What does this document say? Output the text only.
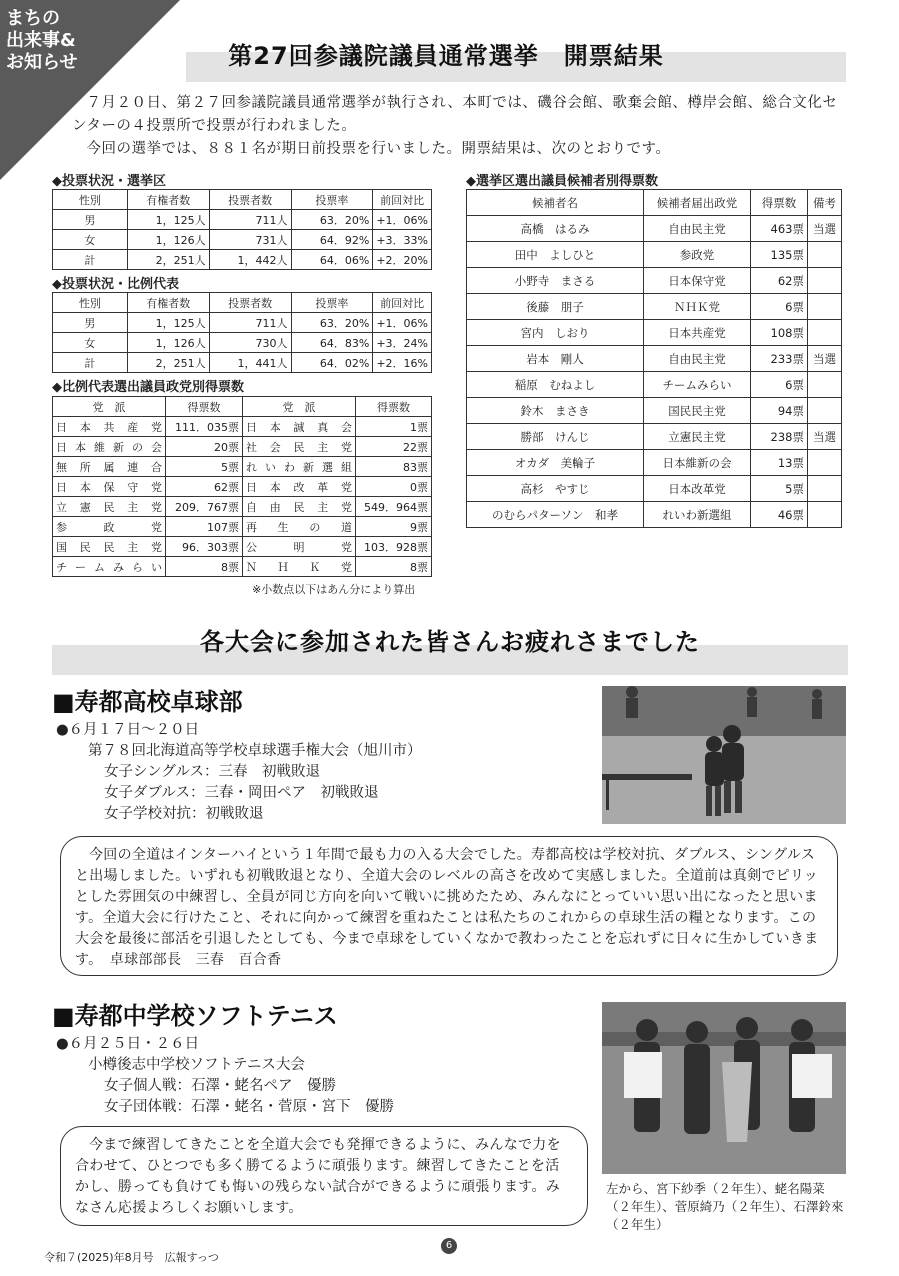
まちの
出来事&
お知らせ	第27回参議院議員通常選挙　開票結果

７月２０日、第２７回参議院議員通常選挙が執行され、本町では、磯谷会館、歌棄会館、樽岸会館、総合文化センターの４投票所で投票が行われました。

今回の選挙では、８８１名が期日前投票を行いました。開票結果は、次のとおりです。

◆投票状況・選挙区
性別	有権者数	投票者数	投票率	前回対比
男	1，125人	711人	63．20%	+1．06%
女	1，126人	731人	64．92%	+3．33%
計	2，251人	1，442人	64．06%	+2．20%
◆投票状況・比例代表
性別	有権者数	投票者数	投票率	前回対比
男	1，125人	711人	63．20%	+1．06%
女	1，126人	730人	64．83%	+3．24%
計	2，251人	1，441人	64．02%	+2．16%
◆比例代表選出議員政党別得票数
党　派	得票数	党　派	得票数
日本共産党	111．035票	日本誠真会	1票
日本維新の会	20票	社会民主党	22票
無所属連合	5票	れいわ新選組	83票
日本保守党	62票	日本改革党	0票
立憲民主党	209．767票	自由民主党	549．964票
参政党	107票	再生の道	9票
国民民主党	96．303票	公明党	103．928票
チームみらい	8票	ＮＨＫ党	8票
※小数点以下はあん分により算出
◆選挙区選出議員候補者別得票数
候補者名	候補者届出政党	得票数	備考
高橋　はるみ	自由民主党	463票	当選
田中　よしひと	参政党	135票	
小野寺　まさる	日本保守党	62票	
後藤　朋子	ＮＨＫ党	6票	
宮内　しおり	日本共産党	108票	
岩本　剛人	自由民主党	233票	当選
稲原　むねよし	チームみらい	6票	
鈴木　まさき	国民民主党	94票	
勝部　けんじ	立憲民主党	238票	当選
オカダ　美輪子	日本維新の会	13票	
高杉　やすじ	日本改革党	5票	
のむらパターソン　和孝	れいわ新選組	46票	
各大会に参加された皆さんお疲れさまでした
■寿都高校卓球部
●６月１７日～２０日
第７８回北海道高等学校卓球選手権大会（旭川市）
女子シングルス：三春　初戦敗退
女子ダブルス：三春・岡田ペア　初戦敗退
女子学校対抗：初戦敗退
今回の全道はインターハイという１年間で最も力の入る大会でした。寿都高校は学校対抗、ダブルス、シングルスと出場しました。いずれも初戦敗退となり、全道大会のレベルの高さを改めて実感しました。全道前は真剣でピリッとした雰囲気の中練習し、全員が同じ方向を向いて戦いに挑めたため、みんなにとっていい思い出になったと思います。全道大会に行けたこと、それに向かって練習を重ねたことは私たちのこれからの卓球生活の糧となります。この大会を最後に部活を引退したとしても、今まで卓球をしていくなかで教わったことを忘れずに日々に生かしていきます。　卓球部部長　三春　百合香
■寿都中学校ソフトテニス
●６月２５日・２６日
小樽後志中学校ソフトテニス大会
女子個人戦：石澤・蛯名ペア　優勝
女子団体戦：石澤・蛯名・菅原・宮下　優勝
今まで練習してきたことを全道大会でも発揮できるように、みんなで力を合わせて、ひとつでも多く勝てるように頑張ります。練習してきたことを活かし、勝っても負けても悔いの残らない試合ができるように頑張ります。みなさん応援よろしくお願いします。
左から、宮下紗季（２年生）、蛯名陽菜（２年生）、菅原綺乃（２年生）、石澤鈴來（２年生）
令和７(2025)年8月号　広報すっつ
6
